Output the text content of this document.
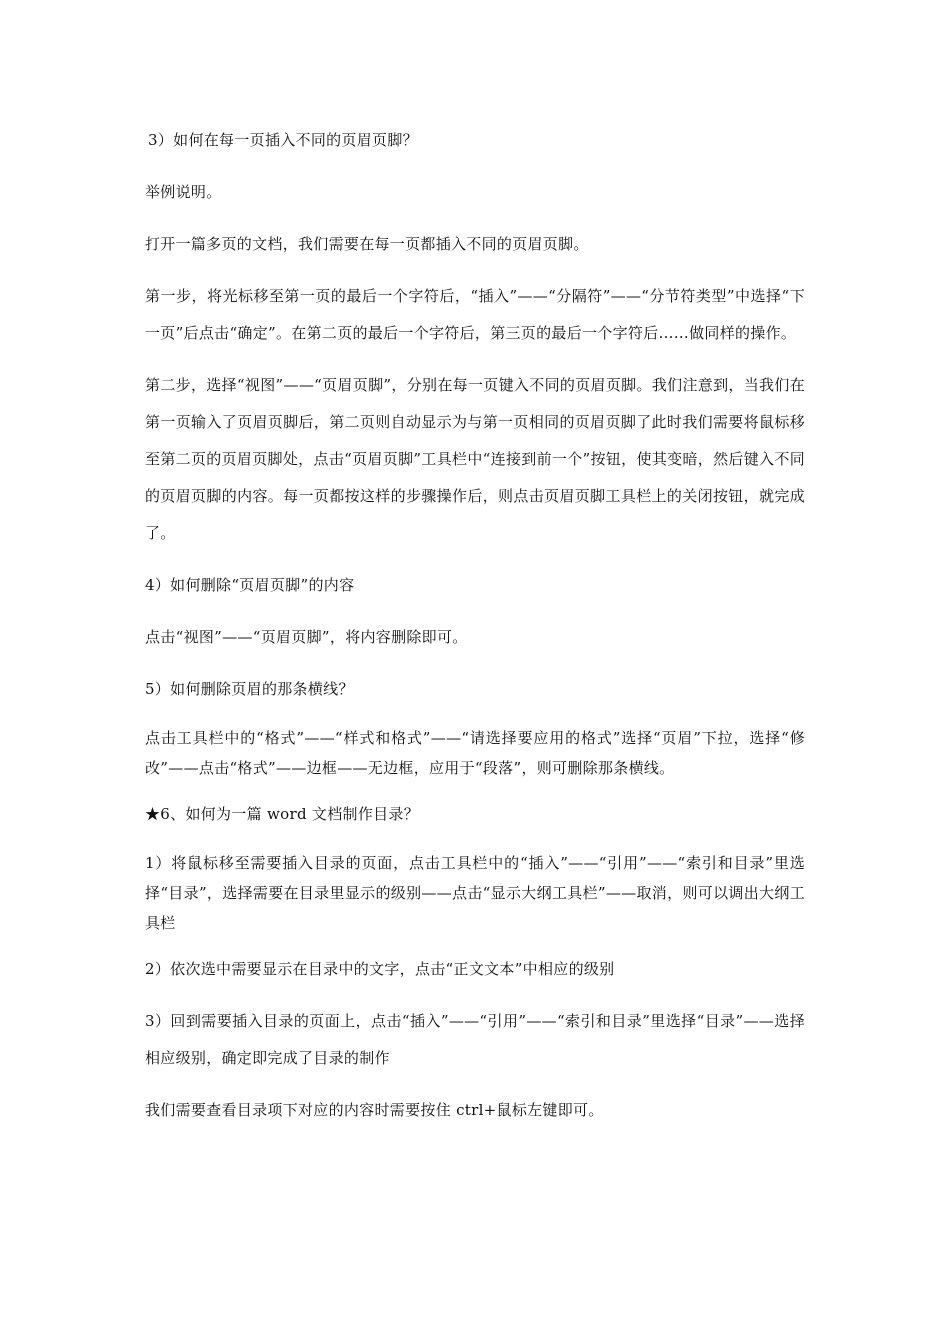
3）如何在每一页插入不同的页眉页脚？

举例说明。

打开一篇多页的文档，我们需要在每一页都插入不同的页眉页脚。

第一步，将光标移至第一页的最后一个字符后，“插入”——“分隔符”——“分节符类型”中选择“下一页”后点击“确定”。在第二页的最后一个字符后，第三页的最后一个字符后……做同样的操作。

第二步，选择“视图”——“页眉页脚”，分别在每一页键入不同的页眉页脚。我们注意到，当我们在第一页输入了页眉页脚后，第二页则自动显示为与第一页相同的页眉页脚了此时我们需要将鼠标移至第二页的页眉页脚处，点击“页眉页脚”工具栏中“连接到前一个”按钮，使其变暗，然后键入不同的页眉页脚的内容。每一页都按这样的步骤操作后，则点击页眉页脚工具栏上的关闭按钮，就完成了。

4）如何删除“页眉页脚”的内容

点击“视图”——“页眉页脚”，将内容删除即可。

5）如何删除页眉的那条横线？

点击工具栏中的“格式”——“样式和格式”——“请选择要应用的格式”选择“页眉”下拉，选择“修改”——点击“格式”——边框——无边框，应用于“段落”，则可删除那条横线。

★6、如何为一篇 word 文档制作目录？

1）将鼠标移至需要插入目录的页面，点击工具栏中的“插入”——“引用”——“索引和目录”里选择“目录”，选择需要在目录里显示的级别——点击“显示大纲工具栏”——取消，则可以调出大纲工具栏

2）依次选中需要显示在目录中的文字，点击“正文文本”中相应的级别

3）回到需要插入目录的页面上，点击“插入”——“引用”——“索引和目录”里选择“目录”——选择相应级别，确定即完成了目录的制作

我们需要查看目录项下对应的内容时需要按住 ctrl+鼠标左键即可。
